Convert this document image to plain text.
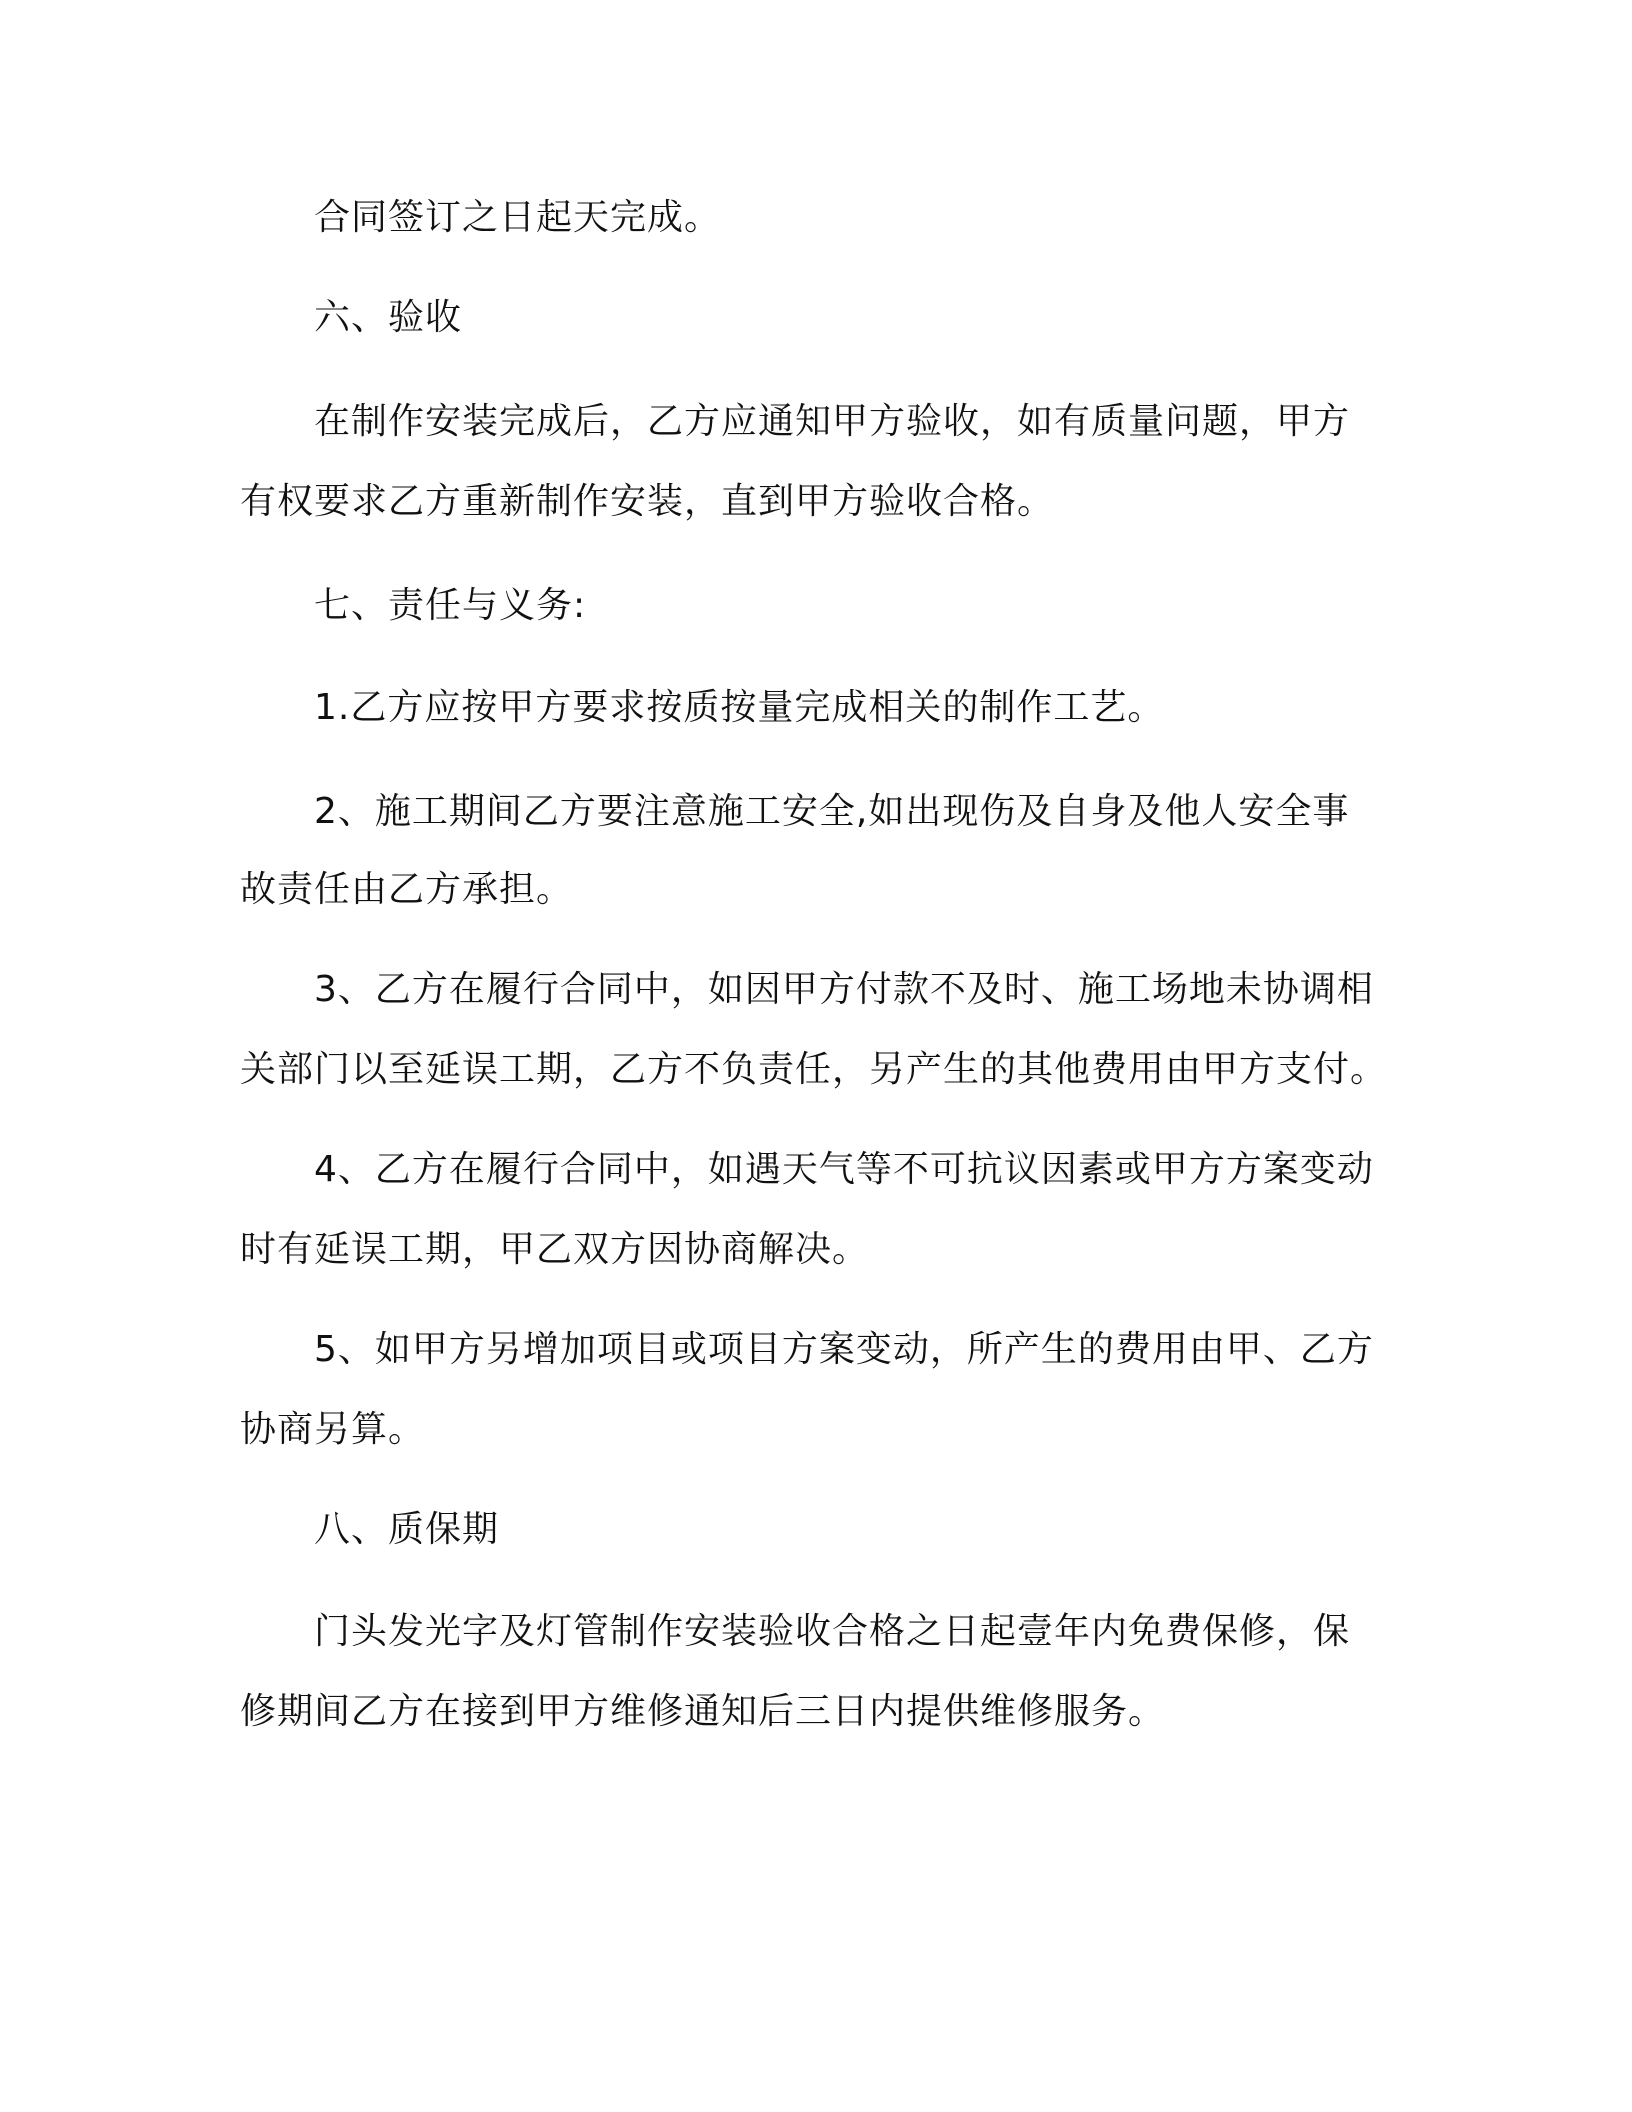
合同签订之日起天完成。
六、验收
在制作安装完成后，乙方应通知甲方验收，如有质量问题，甲方
有权要求乙方重新制作安装，直到甲方验收合格。
七、责任与义务:
1.乙方应按甲方要求按质按量完成相关的制作工艺。
2、施工期间乙方要注意施工安全,如出现伤及自身及他人安全事
故责任由乙方承担。
3、乙方在履行合同中，如因甲方付款不及时、施工场地未协调相
关部门以至延误工期，乙方不负责任，另产生的其他费用由甲方支付。
4、乙方在履行合同中，如遇天气等不可抗议因素或甲方方案变动
时有延误工期，甲乙双方因协商解决。
5、如甲方另增加项目或项目方案变动，所产生的费用由甲、乙方
协商另算。
八、质保期
门头发光字及灯管制作安装验收合格之日起壹年内免费保修，保
修期间乙方在接到甲方维修通知后三日内提供维修服务。
